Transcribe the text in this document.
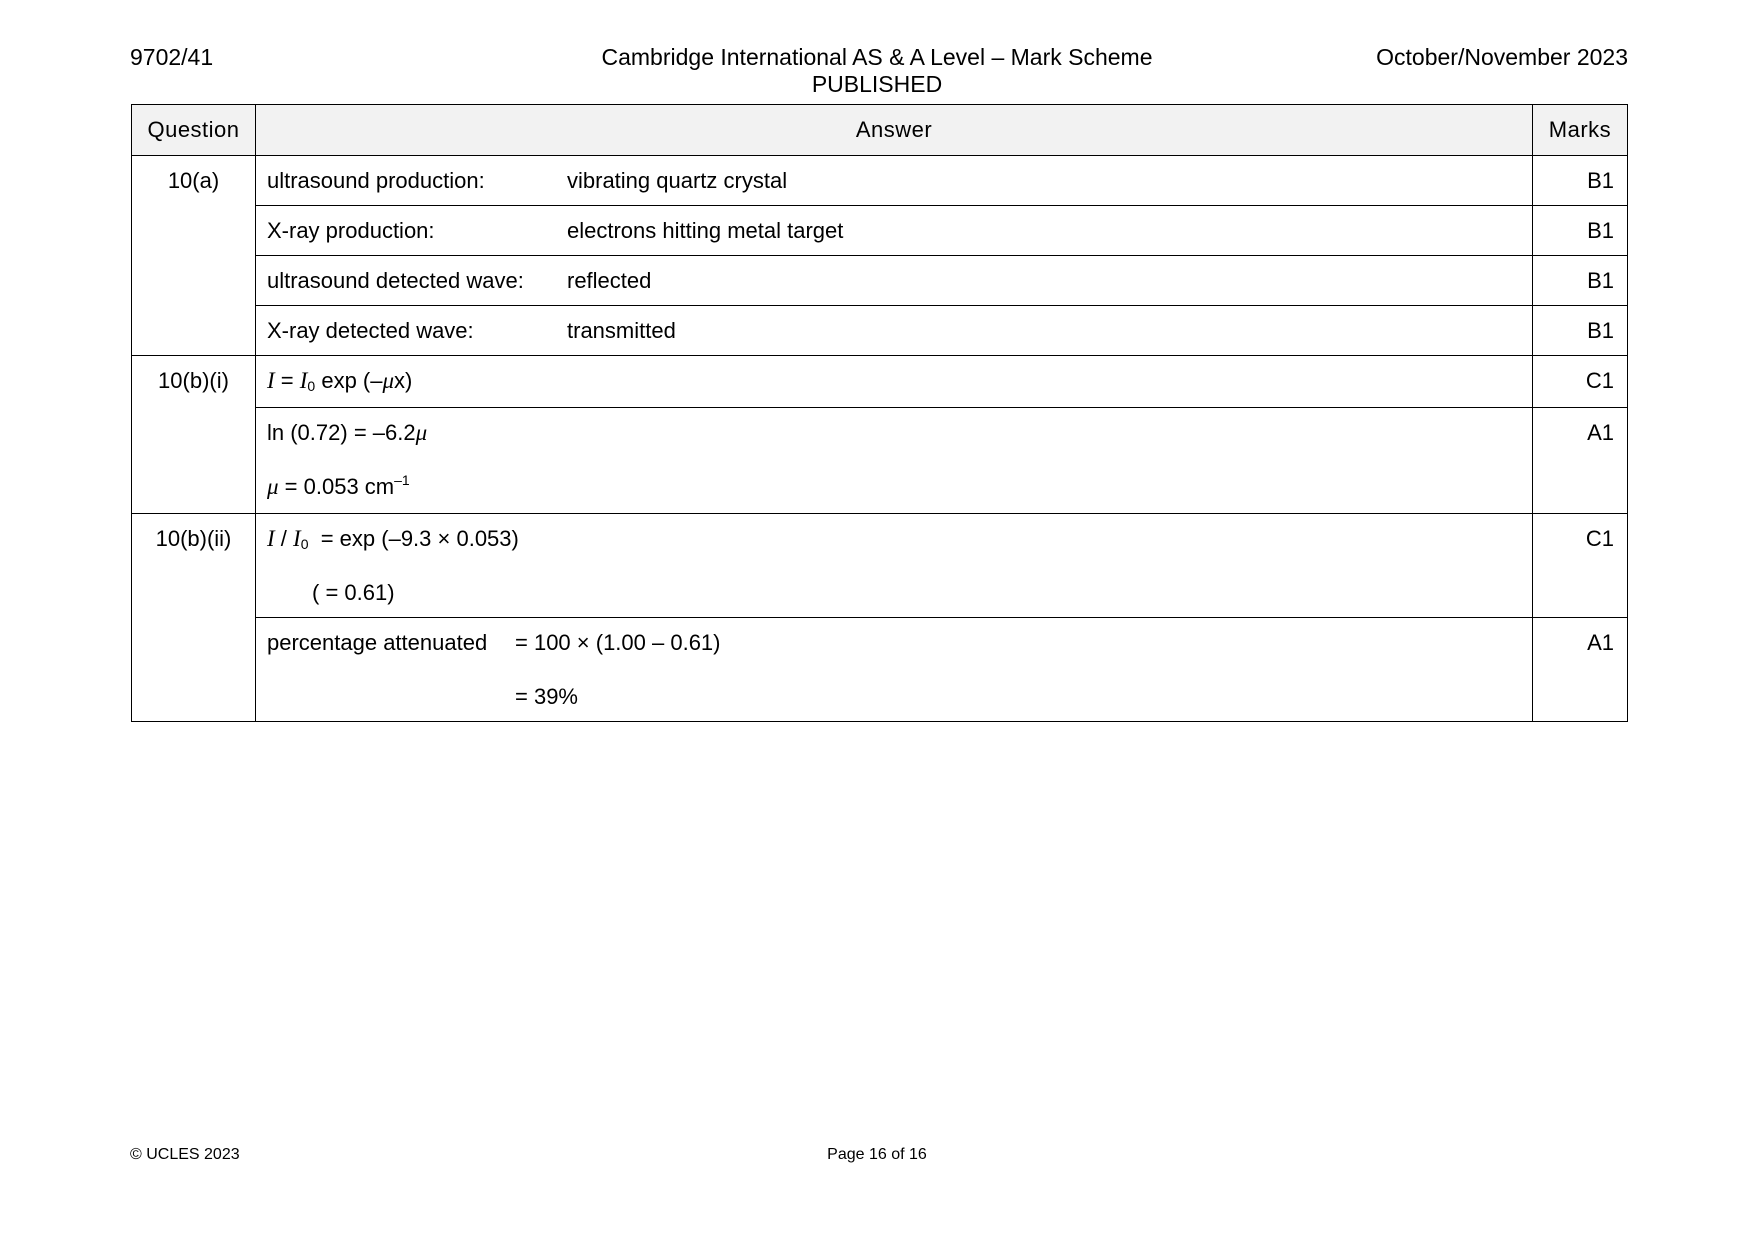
9702/41	Cambridge International AS & A Level – Mark Scheme
PUBLISHED
October/November 2023
Question	Answer	Marks
10(a)	ultrasound production: vibrating quartz crystal	B1

	X-ray production: electrons hitting metal target	B1

	ultrasound detected wave: reflected	B1

	X-ray detected wave: transmitted	B1
10(b)(i)	$I = I_0$ exp (–μx)	C1

	ln (0.72) = –6.2μ
μ = 0.053 $cm^{-1}$	A1
10(b)(ii)	$I / I_0 = \exp (-9.3 \times 0.053)$
( = 0.61)	C1

	percentage attenuated = 100 × (1.00 – 0.61)
= 39%	A1
© UCLES 2023	Page 16 of 16
